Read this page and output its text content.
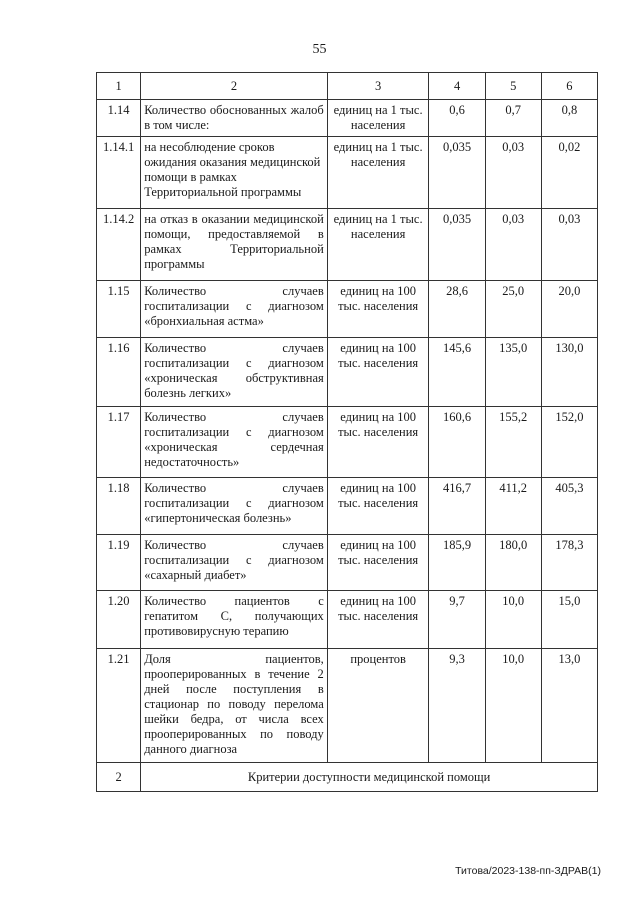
55
1	2	3	4	5	6
1.14	Количество обоснованных жалоб в том числе:	единиц на 1 тыс. населения	0,6	0,7	0,8
1.14.1	на несоблюдение сроков ожидания оказания медицинской помощи в рамках Территориальной программы	единиц на 1 тыс. населения	0,035	0,03	0,02
1.14.2	на отказ в оказании медицинской помощи, предоставляемой в рамках Территориальной программы	единиц на 1 тыс. населения	0,035	0,03	0,03
1.15	Количество случаев госпитализации с диагнозом «бронхиальная астма»	единиц на 100 тыс. населения	28,6	25,0	20,0
1.16	Количество случаев госпитализации с диагнозом «хроническая обструктивная болезнь легких»	единиц на 100 тыс. населения	145,6	135,0	130,0
1.17	Количество случаев госпитализации с диагнозом «хроническая сердечная недостаточность»	единиц на 100 тыс. населения	160,6	155,2	152,0
1.18	Количество случаев госпитализации с диагнозом «гипертоническая болезнь»	единиц на 100 тыс. населения	416,7	411,2	405,3
1.19	Количество случаев госпитализации с диагнозом «сахарный диабет»	единиц на 100 тыс. населения	185,9	180,0	178,3
1.20	Количество пациентов с гепатитом С, получающих противовирусную терапию	единиц на 100 тыс. населения	9,7	10,0	15,0
1.21	Доля пациентов, прооперированных в течение 2 дней после поступления в стационар по поводу перелома шейки бедра, от числа всех прооперированных по поводу данного диагноза	процентов	9,3	10,0	13,0
2	Критерии доступности медицинской помощи				
Титова/2023-138-пп-ЗДРАВ(1)
